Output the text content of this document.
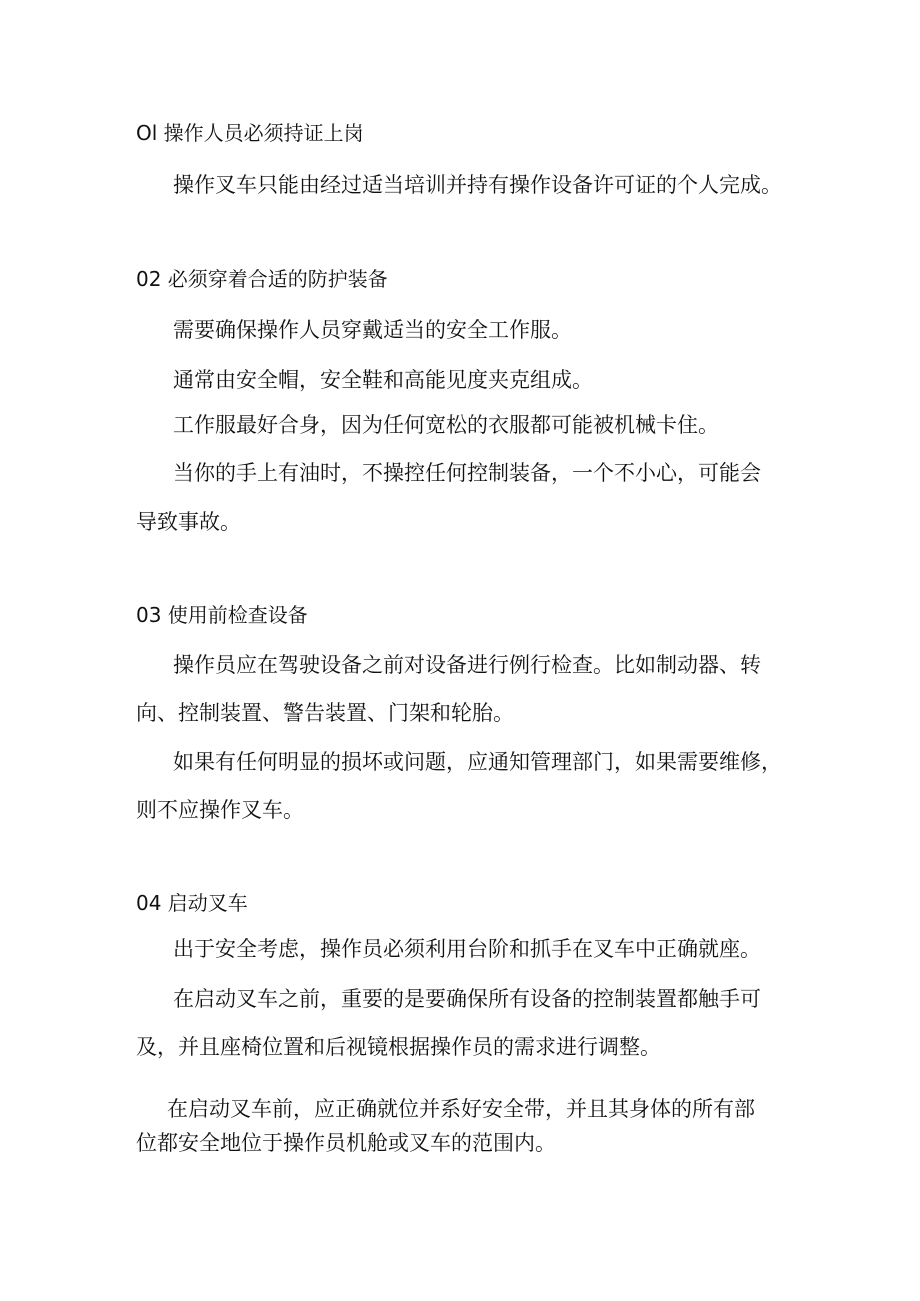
Ol 操作人员必须持证上岗

操作叉车只能由经过适当培训并持有操作设备许可证的个人完成。

02 必须穿着合适的防护装备

需要确保操作人员穿戴适当的安全工作服。

通常由安全帽，安全鞋和高能见度夹克组成。

工作服最好合身，因为任何宽松的衣服都可能被机械卡住。

当你的手上有油时，不操控任何控制装备，一个不小心，可能会

导致事故。

03 使用前检查设备

操作员应在驾驶设备之前对设备进行例行检查。比如制动器、转

向、控制装置、警告装置、门架和轮胎。

如果有任何明显的损坏或问题，应通知管理部门，如果需要维修，

则不应操作叉车。

04 启动叉车

出于安全考虑，操作员必须利用台阶和抓手在叉车中正确就座。

在启动叉车之前，重要的是要确保所有设备的控制装置都触手可

及，并且座椅位置和后视镜根据操作员的需求进行调整。

在启动叉车前，应正确就位并系好安全带，并且其身体的所有部

位都安全地位于操作员机舱或叉车的范围内。
